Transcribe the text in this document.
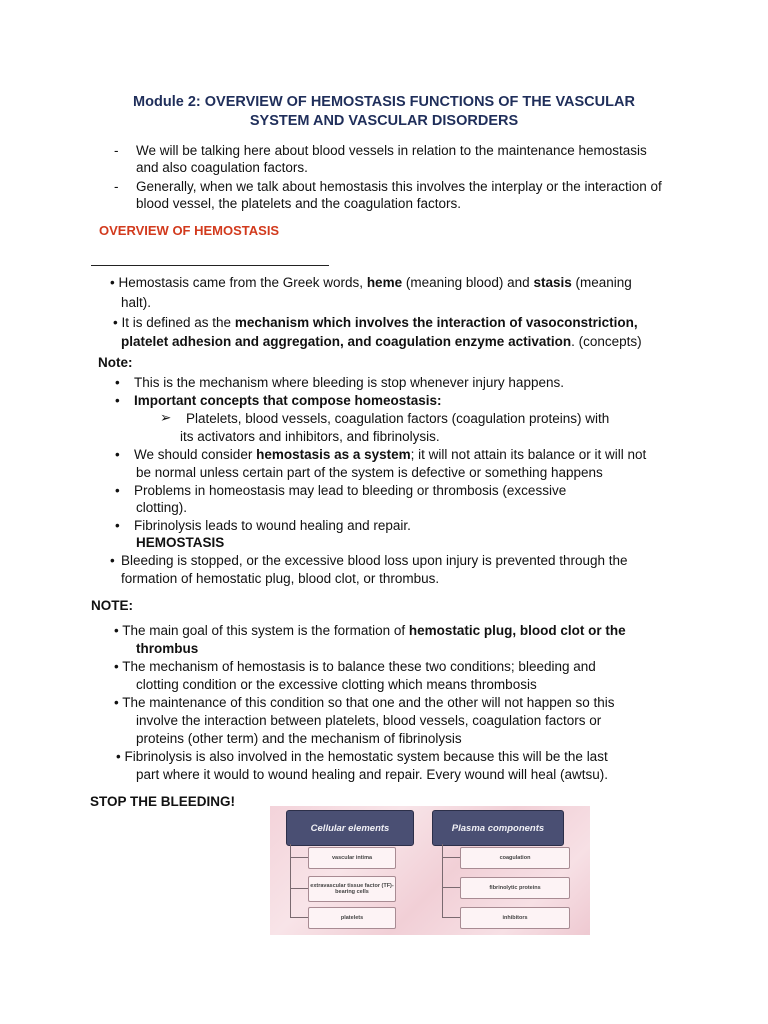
Module 2: OVERVIEW OF HEMOSTASIS FUNCTIONS OF THE VASCULAR
SYSTEM AND VASCULAR DISORDERS
- We will be talking here about blood vessels in relation to the maintenance hemostasis
and also coagulation factors.
- Generally, when we talk about hemostasis this involves the interplay or the interaction of
blood vessel, the platelets and the coagulation factors.
OVERVIEW OF HEMOSTASIS
• Hemostasis came from the Greek words, heme (meaning blood) and stasis (meaning
halt).
• It is defined as the mechanism which involves the interaction of vasoconstriction,
platelet adhesion and aggregation, and coagulation enzyme activation. (concepts)
Note:
• This is the mechanism where bleeding is stop whenever injury happens.
• Important concepts that compose homeostasis:
➢ Platelets, blood vessels, coagulation factors (coagulation proteins) with
its activators and inhibitors, and fibrinolysis.
• We should consider hemostasis as a system; it will not attain its balance or it will not
be normal unless certain part of the system is defective or something happens
• Problems in homeostasis may lead to bleeding or thrombosis (excessive
clotting).
• Fibrinolysis leads to wound healing and repair.
HEMOSTASIS
• Bleeding is stopped, or the excessive blood loss upon injury is prevented through the
formation of hemostatic plug, blood clot, or thrombus.
NOTE:
• The main goal of this system is the formation of hemostatic plug, blood clot or the
thrombus
• The mechanism of hemostasis is to balance these two conditions; bleeding and
clotting condition or the excessive clotting which means thrombosis
• The maintenance of this condition so that one and the other will not happen so this
involve the interaction between platelets, blood vessels, coagulation factors or
proteins (other term) and the mechanism of fibrinolysis
• Fibrinolysis is also involved in the hemostatic system because this will be the last
part where it would to wound healing and repair. Every wound will heal (awtsu).
STOP THE BLEEDING!
Cellular elements	Plasma components
vascular intima
extravascular tissue factor (TF)-bearing cells
platelets
coagulation
fibrinolytic proteins
inhibitors
